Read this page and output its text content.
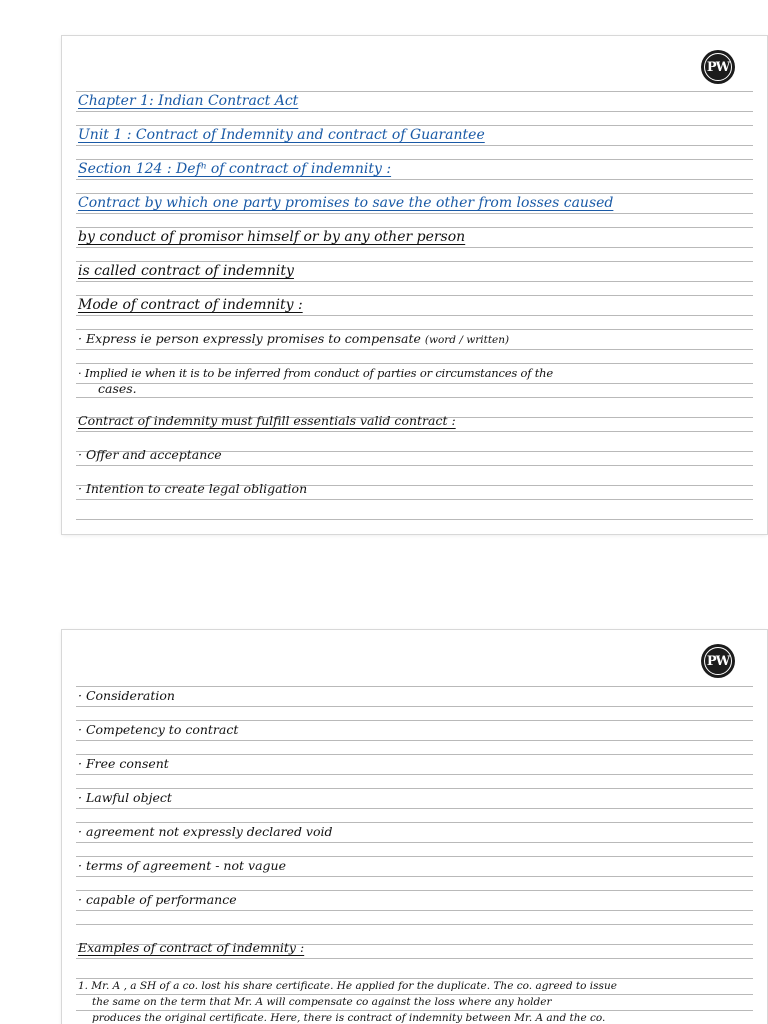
PW
Chapter 1: Indian Contract Act
Unit 1 : Contract of Indemnity and contract of Guarantee
Section 124 : Defⁿ of contract of indemnity :
Contract by which one party promises to save the other from losses caused
by conduct of promisor himself or by any other person
is called contract of indemnity
Mode of contract of indemnity :
· Express ie person expressly promises to compensate (word / written)
· Implied ie when it is to be inferred from conduct of parties or circumstances of the
cases.
Contract of indemnity must fulfill essentials valid contract :
· Offer and acceptance
· Intention to create legal obligation
PW
· Consideration
· Competency to contract
· Free consent
· Lawful object
· agreement not expressly declared void
· terms of agreement - not vague
· capable of performance
Examples of contract of indemnity :
1. Mr. A , a SH of a co. lost his share certificate. He applied for the duplicate. The co. agreed to issue
the same on the term that Mr. A will compensate co against the loss where any holder
produces the original certificate. Here, there is contract of indemnity between Mr. A and the co.
